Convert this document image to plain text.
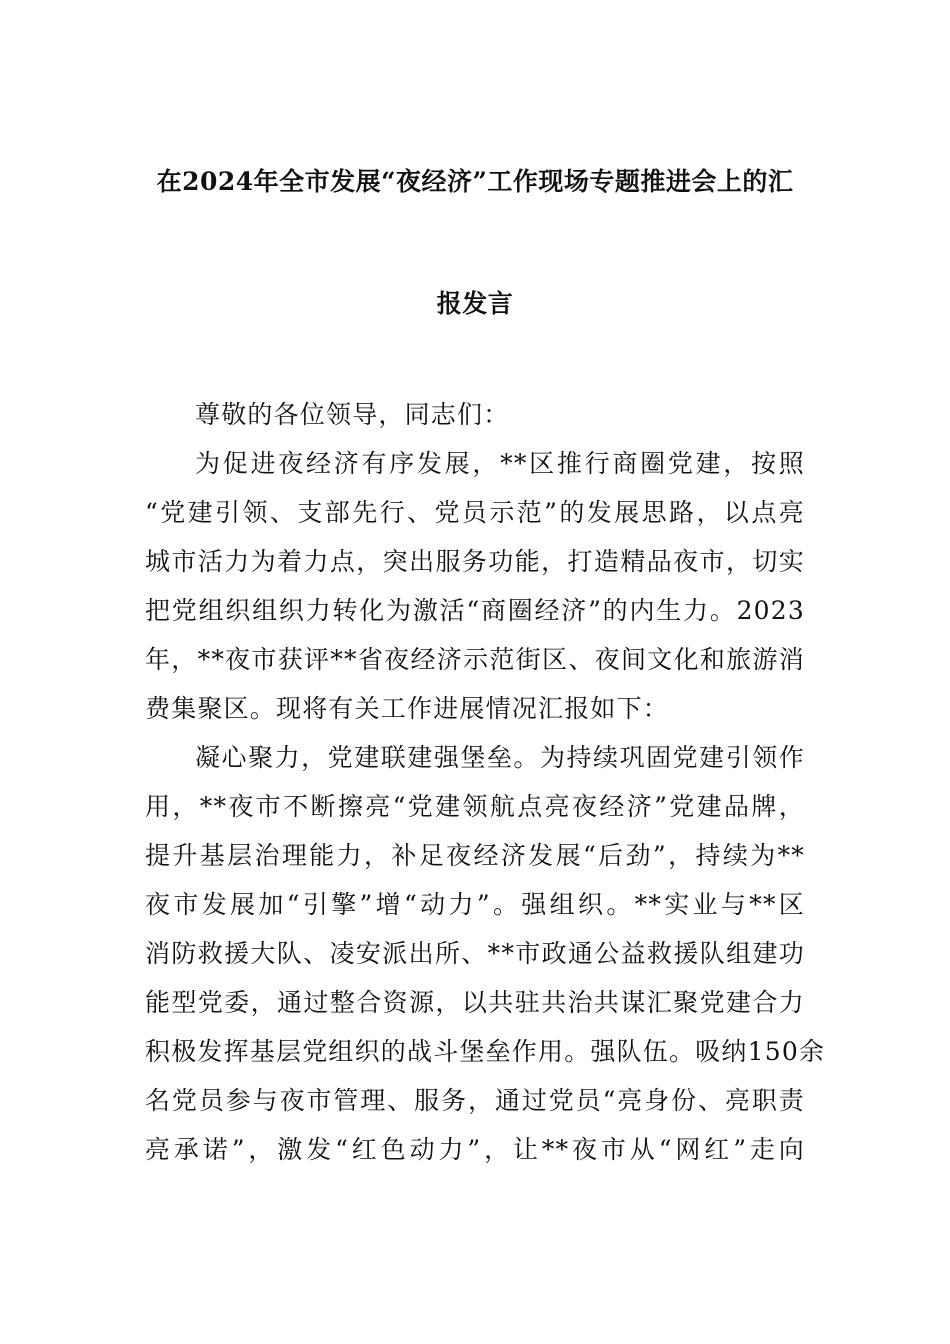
在2024年全市发展“夜经济”工作现场专题推进会上的汇
报发言
尊敬的各位领导，同志们：
为促进夜经济有序发展，**区推行商圈党建，按照
“党建引领、支部先行、党员示范”的发展思路，以点亮
城市活力为着力点，突出服务功能，打造精品夜市，切实
把党组织组织力转化为激活“商圈经济”的内生力。2023
年，**夜市获评**省夜经济示范街区、夜间文化和旅游消
费集聚区。现将有关工作进展情况汇报如下：
凝心聚力，党建联建强堡垒。为持续巩固党建引领作
用，**夜市不断擦亮“党建领航点亮夜经济”党建品牌，
提升基层治理能力，补足夜经济发展“后劲”，持续为**
夜市发展加“引擎”增“动力”。强组织。**实业与**区
消防救援大队、凌安派出所、**市政通公益救援队组建功
能型党委，通过整合资源，以共驻共治共谋汇聚党建合力
积极发挥基层党组织的战斗堡垒作用。强队伍。吸纳150余
名党员参与夜市管理、服务，通过党员“亮身份、亮职责
亮承诺”，激发“红色动力”，让**夜市从“网红”走向
